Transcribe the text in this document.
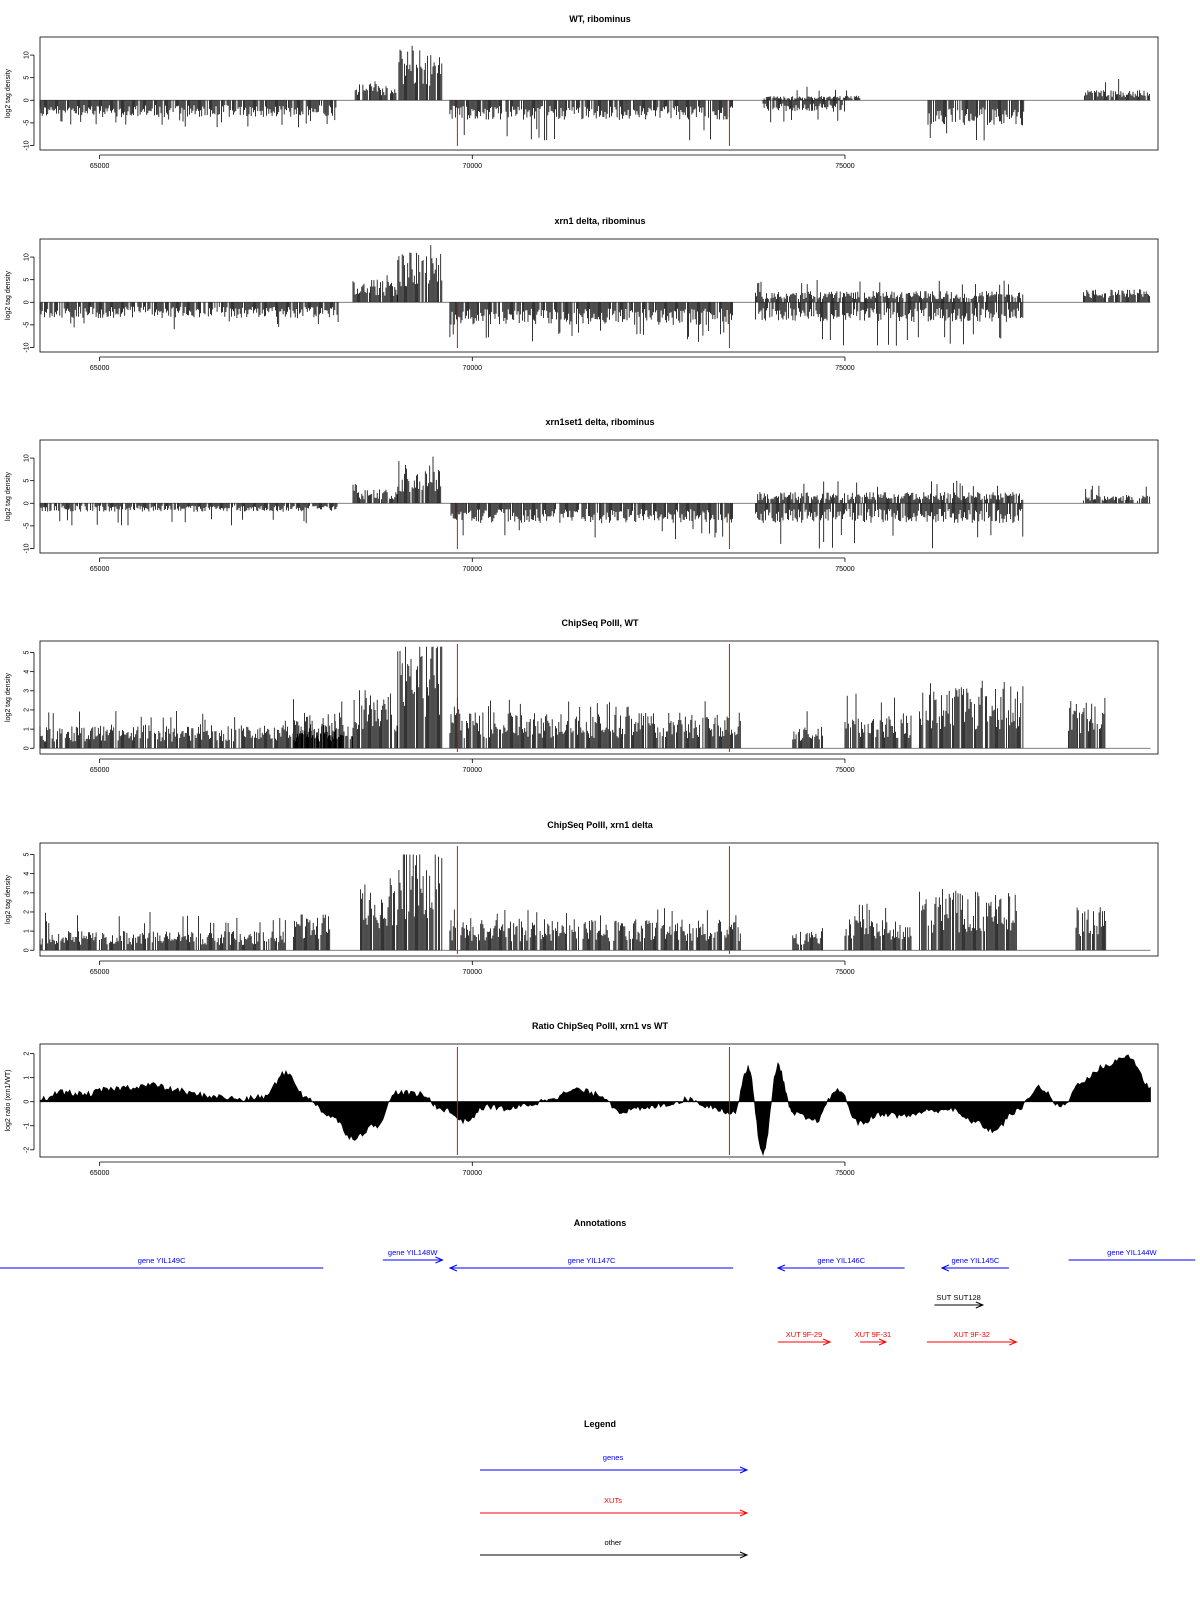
WT, ribominus
-10
-5
0
5
10
log2 tag density
65000	70000	75000
xrn1 delta, ribominus
-10
-5
0
5
10
log2 tag density
65000	70000	75000
xrn1set1 delta, ribominus
-10
-5
0
5
10
log2 tag density
65000	70000	75000
ChipSeq PolII, WT
0
1
2
3
4
5
log2 tag density
65000	70000	75000
ChipSeq PolII, xrn1 delta
0
1
2
3
4
5
log2 tag density
65000	70000	75000
Ratio ChipSeq PolII, xrn1 vs WT
-2
-1
0
1
2
log2 ratio (xrn1/WT)
65000	70000	75000
Annotations
gene YIL149C
gene YIL148W
gene YIL147C	gene YIL146C	gene YIL145C
gene YIL144W
SUT SUT128
XUT 9F-29	XUT 9F-31	XUT 9F-32
Legend
genes
XUTs
other
